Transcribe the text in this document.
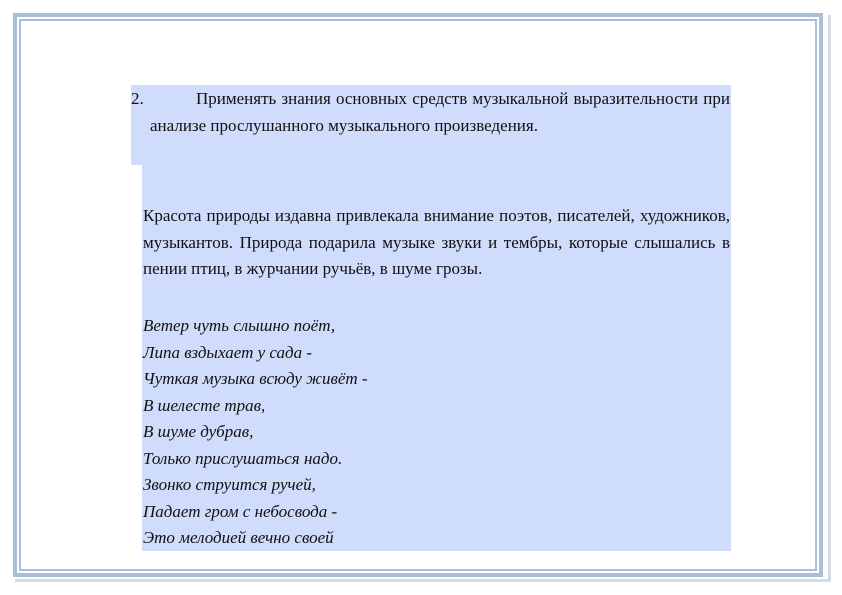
2.	Применять знания основных средств музыкальной выразительности при анализе прослушанного музыкального произведения.

Красота природы издавна привлекала внимание поэтов, писателей, художников, музыкантов. Природа подарила музыке звуки и тембры, которые слышались в пении птиц, в журчании ручьёв, в шуме грозы.

Ветер чуть слышно поёт,
Липа вздыхает у сада -
Чуткая музыка всюду живёт -
В шелесте трав,
В шуме дубрав,
Только прислушаться надо.
Звонко струится ручей,
Падает гром с небосвода -
Это мелодией вечно своей
